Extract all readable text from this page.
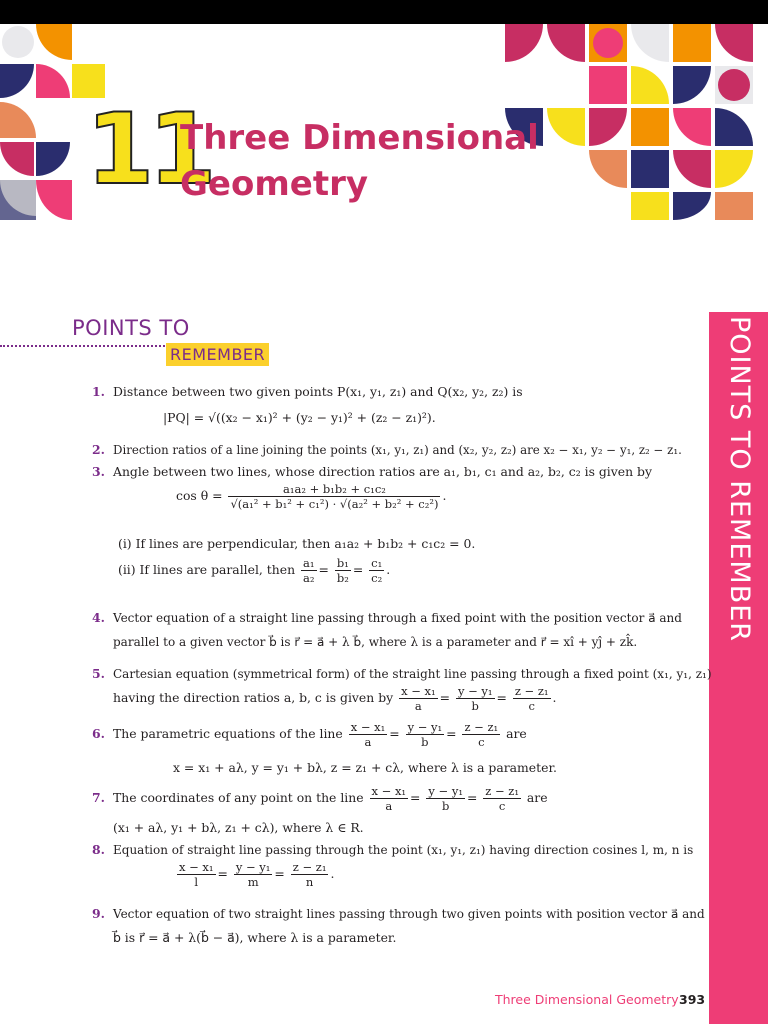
11
Three Dimensional
Geometry
POINTS TO REMEMBER
POINTS TO
REMEMBER
1. Distance between two given points P(x₁, y₁, z₁) and Q(x₂, y₂, z₂) is
|PQ| = √((x₂ − x₁)² + (y₂ − y₁)² + (z₂ − z₁)²).
2. Direction ratios of a line joining the points (x₁, y₁, z₁) and (x₂, y₂, z₂) are x₂ − x₁, y₂ − y₁, z₂ − z₁.
3. Angle between two lines, whose direction ratios are a₁, b₁, c₁ and a₂, b₂, c₂ is given by
$\cos \theta = \frac{\text{a₁a₂ + b₁b₂ + c₁c₂}}{\text{√(a₁² + b₁² + c₁²) · √(a₂² + b₂² + c₂²)}}$ .
(i) If lines are perpendicular, then a₁a₂ + b₁b₂ + c₁c₂ = 0.
(ii) If lines are parallel, then $\frac{\text{a₁}}{\text{a₂}} = \frac{\text{b₁}}{\text{b₂}} = \frac{\text{c₁}}{\text{c₂}}$ .
4. Vector equation of a straight line passing through a fixed point with the position vector a⃗ and
parallel to a given vector b⃗ is r⃗ = a⃗ + λ b⃗, where λ is a parameter and r⃗ = xî + yĵ + zk̂.
5. Cartesian equation (symmetrical form) of the straight line passing through a fixed point (x₁, y₁, z₁)
having the direction ratios a, b, c is given by $\frac{\text{x − x₁}}{a} = \frac{\text{y − y₁}}{b} = \frac{\text{z − z₁}}{c}$ .
6. The parametric equations of the line $\frac{\text{x − x₁}}{a} = \frac{\text{y − y₁}}{b} = \frac{\text{z − z₁}}{c}$ are
x = x₁ + aλ, y = y₁ + bλ, z = z₁ + cλ, where λ is a parameter.
7. The coordinates of any point on the line $\frac{\text{x − x₁}}{a} = \frac{\text{y − y₁}}{b} = \frac{\text{z − z₁}}{c}$ are
(x₁ + aλ, y₁ + bλ, z₁ + cλ), where λ ∈ R.
8. Equation of straight line passing through the point (x₁, y₁, z₁) having direction cosines l, m, n is
$\frac{\text{x − x₁}}{l} = \frac{\text{y − y₁}}{m} = \frac{\text{z − z₁}}{n}$ .
9. Vector equation of two straight lines passing through two given points with position vector a⃗ and
b⃗ is r⃗ = a⃗ + λ(b⃗ − a⃗), where λ is a parameter.
Three Dimensional Geometry 393
